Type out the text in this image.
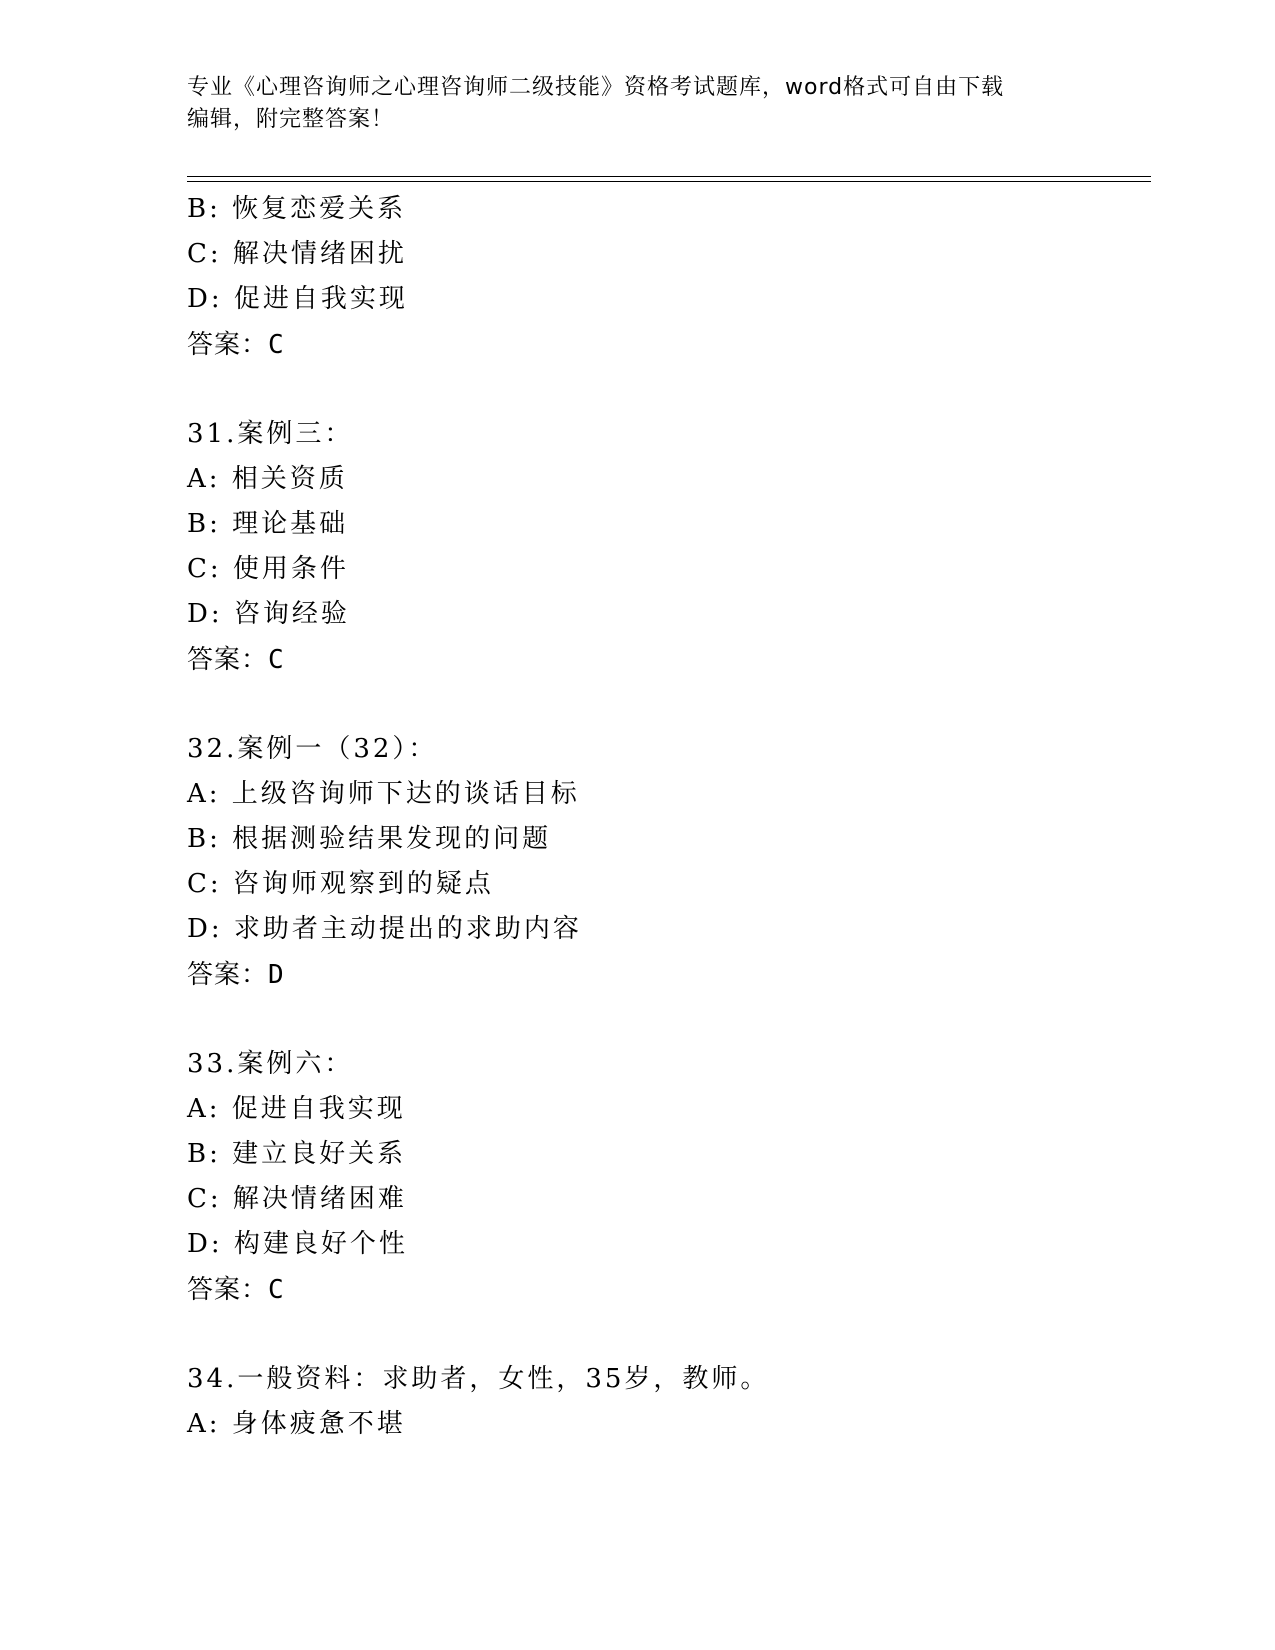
专业《心理咨询师之心理咨询师二级技能》资格考试题库，word格式可自由下载
编辑，附完整答案！
B: 恢复恋爱关系
C: 解决情绪困扰
D: 促进自我实现
答案：C
31.案例三：
A: 相关资质
B: 理论基础
C: 使用条件
D: 咨询经验
答案：C
32.案例一（32）：
A: 上级咨询师下达的谈话目标
B: 根据测验结果发现的问题
C: 咨询师观察到的疑点
D: 求助者主动提出的求助内容
答案：D
33.案例六：
A: 促进自我实现
B: 建立良好关系
C: 解决情绪困难
D: 构建良好个性
答案：C
34.一般资料：求助者，女性，35岁，教师。
A: 身体疲惫不堪
